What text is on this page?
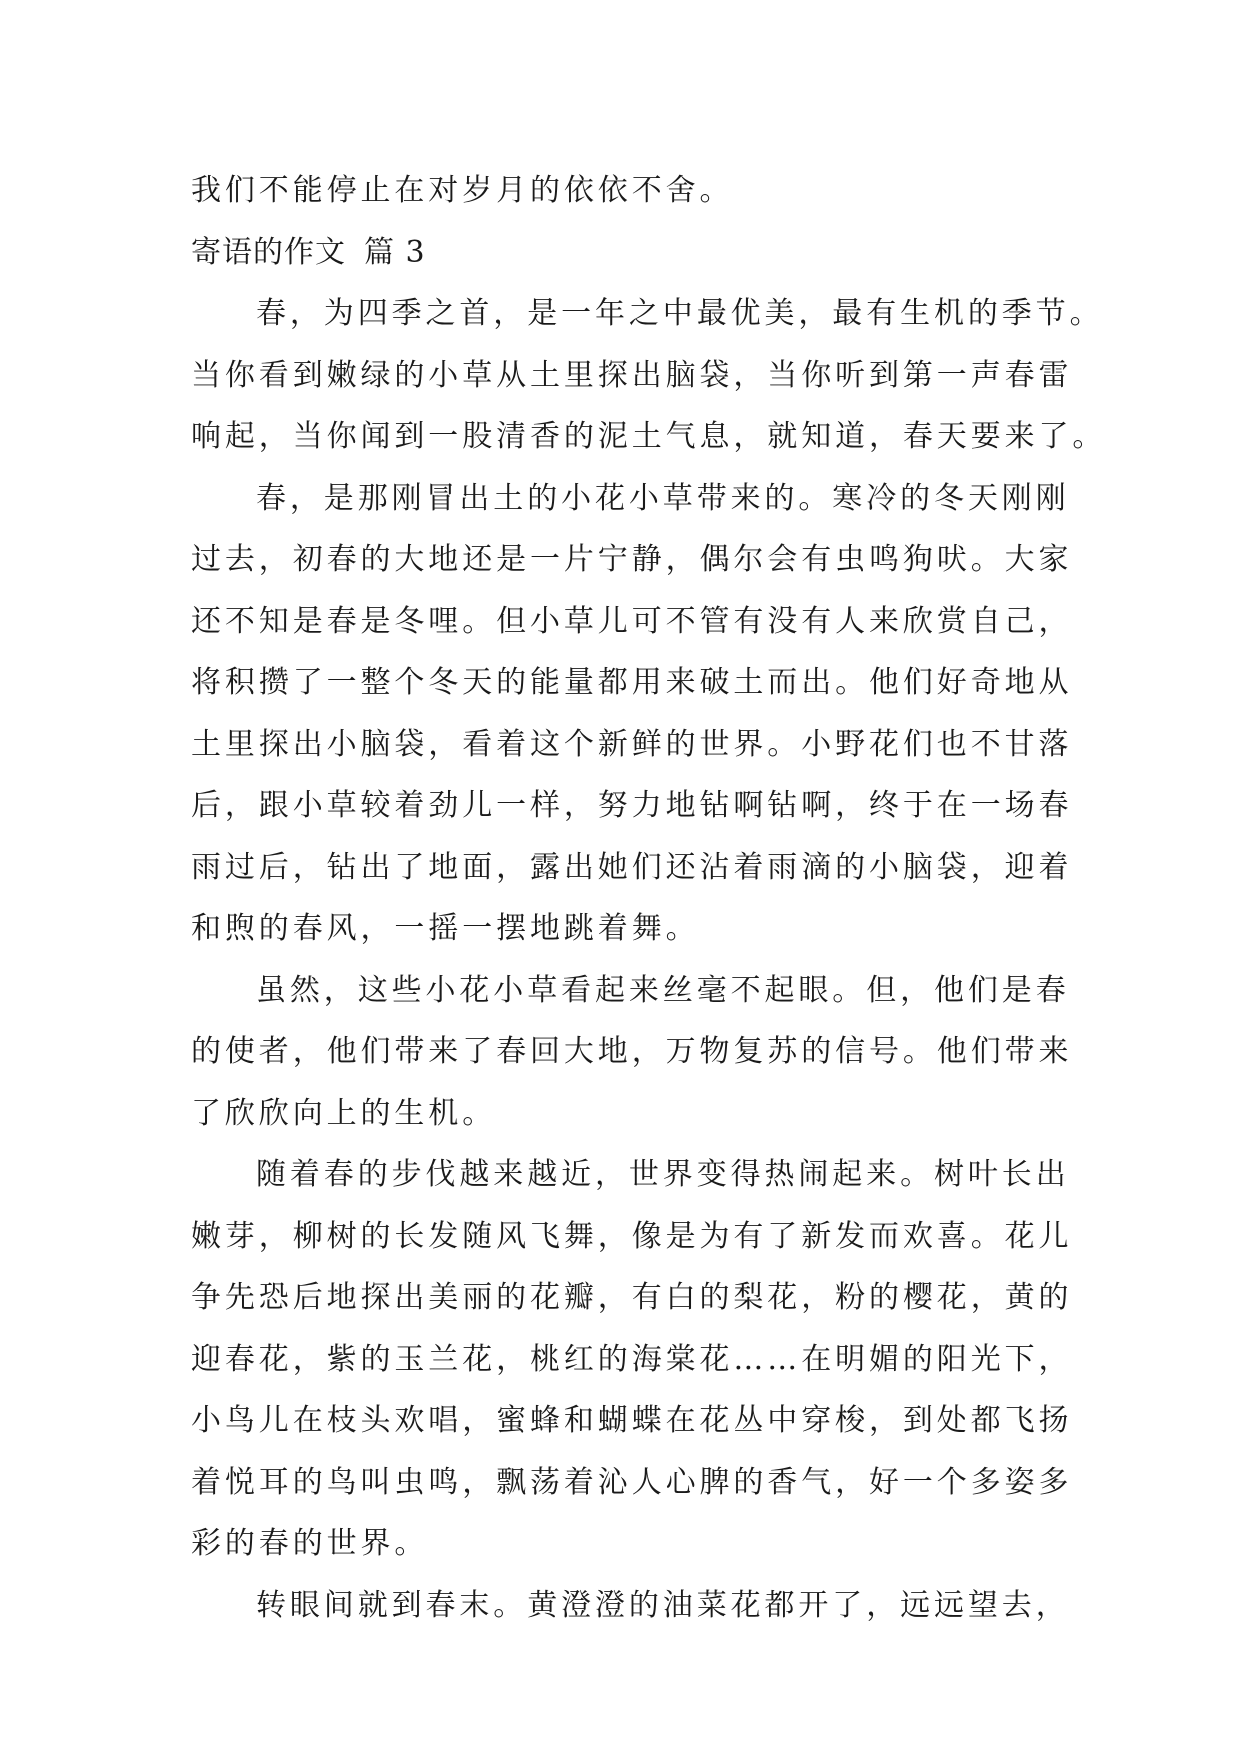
我们不能停止在对岁月的依依不舍。
寄语的作文 篇 3
春，为四季之首，是一年之中最优美，最有生机的季节。
当你看到嫩绿的小草从土里探出脑袋，当你听到第一声春雷
响起，当你闻到一股清香的泥土气息，就知道，春天要来了。
春，是那刚冒出土的小花小草带来的。寒冷的冬天刚刚
过去，初春的大地还是一片宁静，偶尔会有虫鸣狗吠。大家
还不知是春是冬哩。但小草儿可不管有没有人来欣赏自己，
将积攒了一整个冬天的能量都用来破土而出。他们好奇地从
土里探出小脑袋，看着这个新鲜的世界。小野花们也不甘落
后，跟小草较着劲儿一样，努力地钻啊钻啊，终于在一场春
雨过后，钻出了地面，露出她们还沾着雨滴的小脑袋，迎着
和煦的春风，一摇一摆地跳着舞。
虽然，这些小花小草看起来丝毫不起眼。但，他们是春
的使者，他们带来了春回大地，万物复苏的信号。他们带来
了欣欣向上的生机。
随着春的步伐越来越近，世界变得热闹起来。树叶长出
嫩芽，柳树的长发随风飞舞，像是为有了新发而欢喜。花儿
争先恐后地探出美丽的花瓣，有白的梨花，粉的樱花，黄的
迎春花，紫的玉兰花，桃红的海棠花……在明媚的阳光下，
小鸟儿在枝头欢唱，蜜蜂和蝴蝶在花丛中穿梭，到处都飞扬
着悦耳的鸟叫虫鸣，飘荡着沁人心脾的香气，好一个多姿多
彩的春的世界。
转眼间就到春末。黄澄澄的油菜花都开了，远远望去，
